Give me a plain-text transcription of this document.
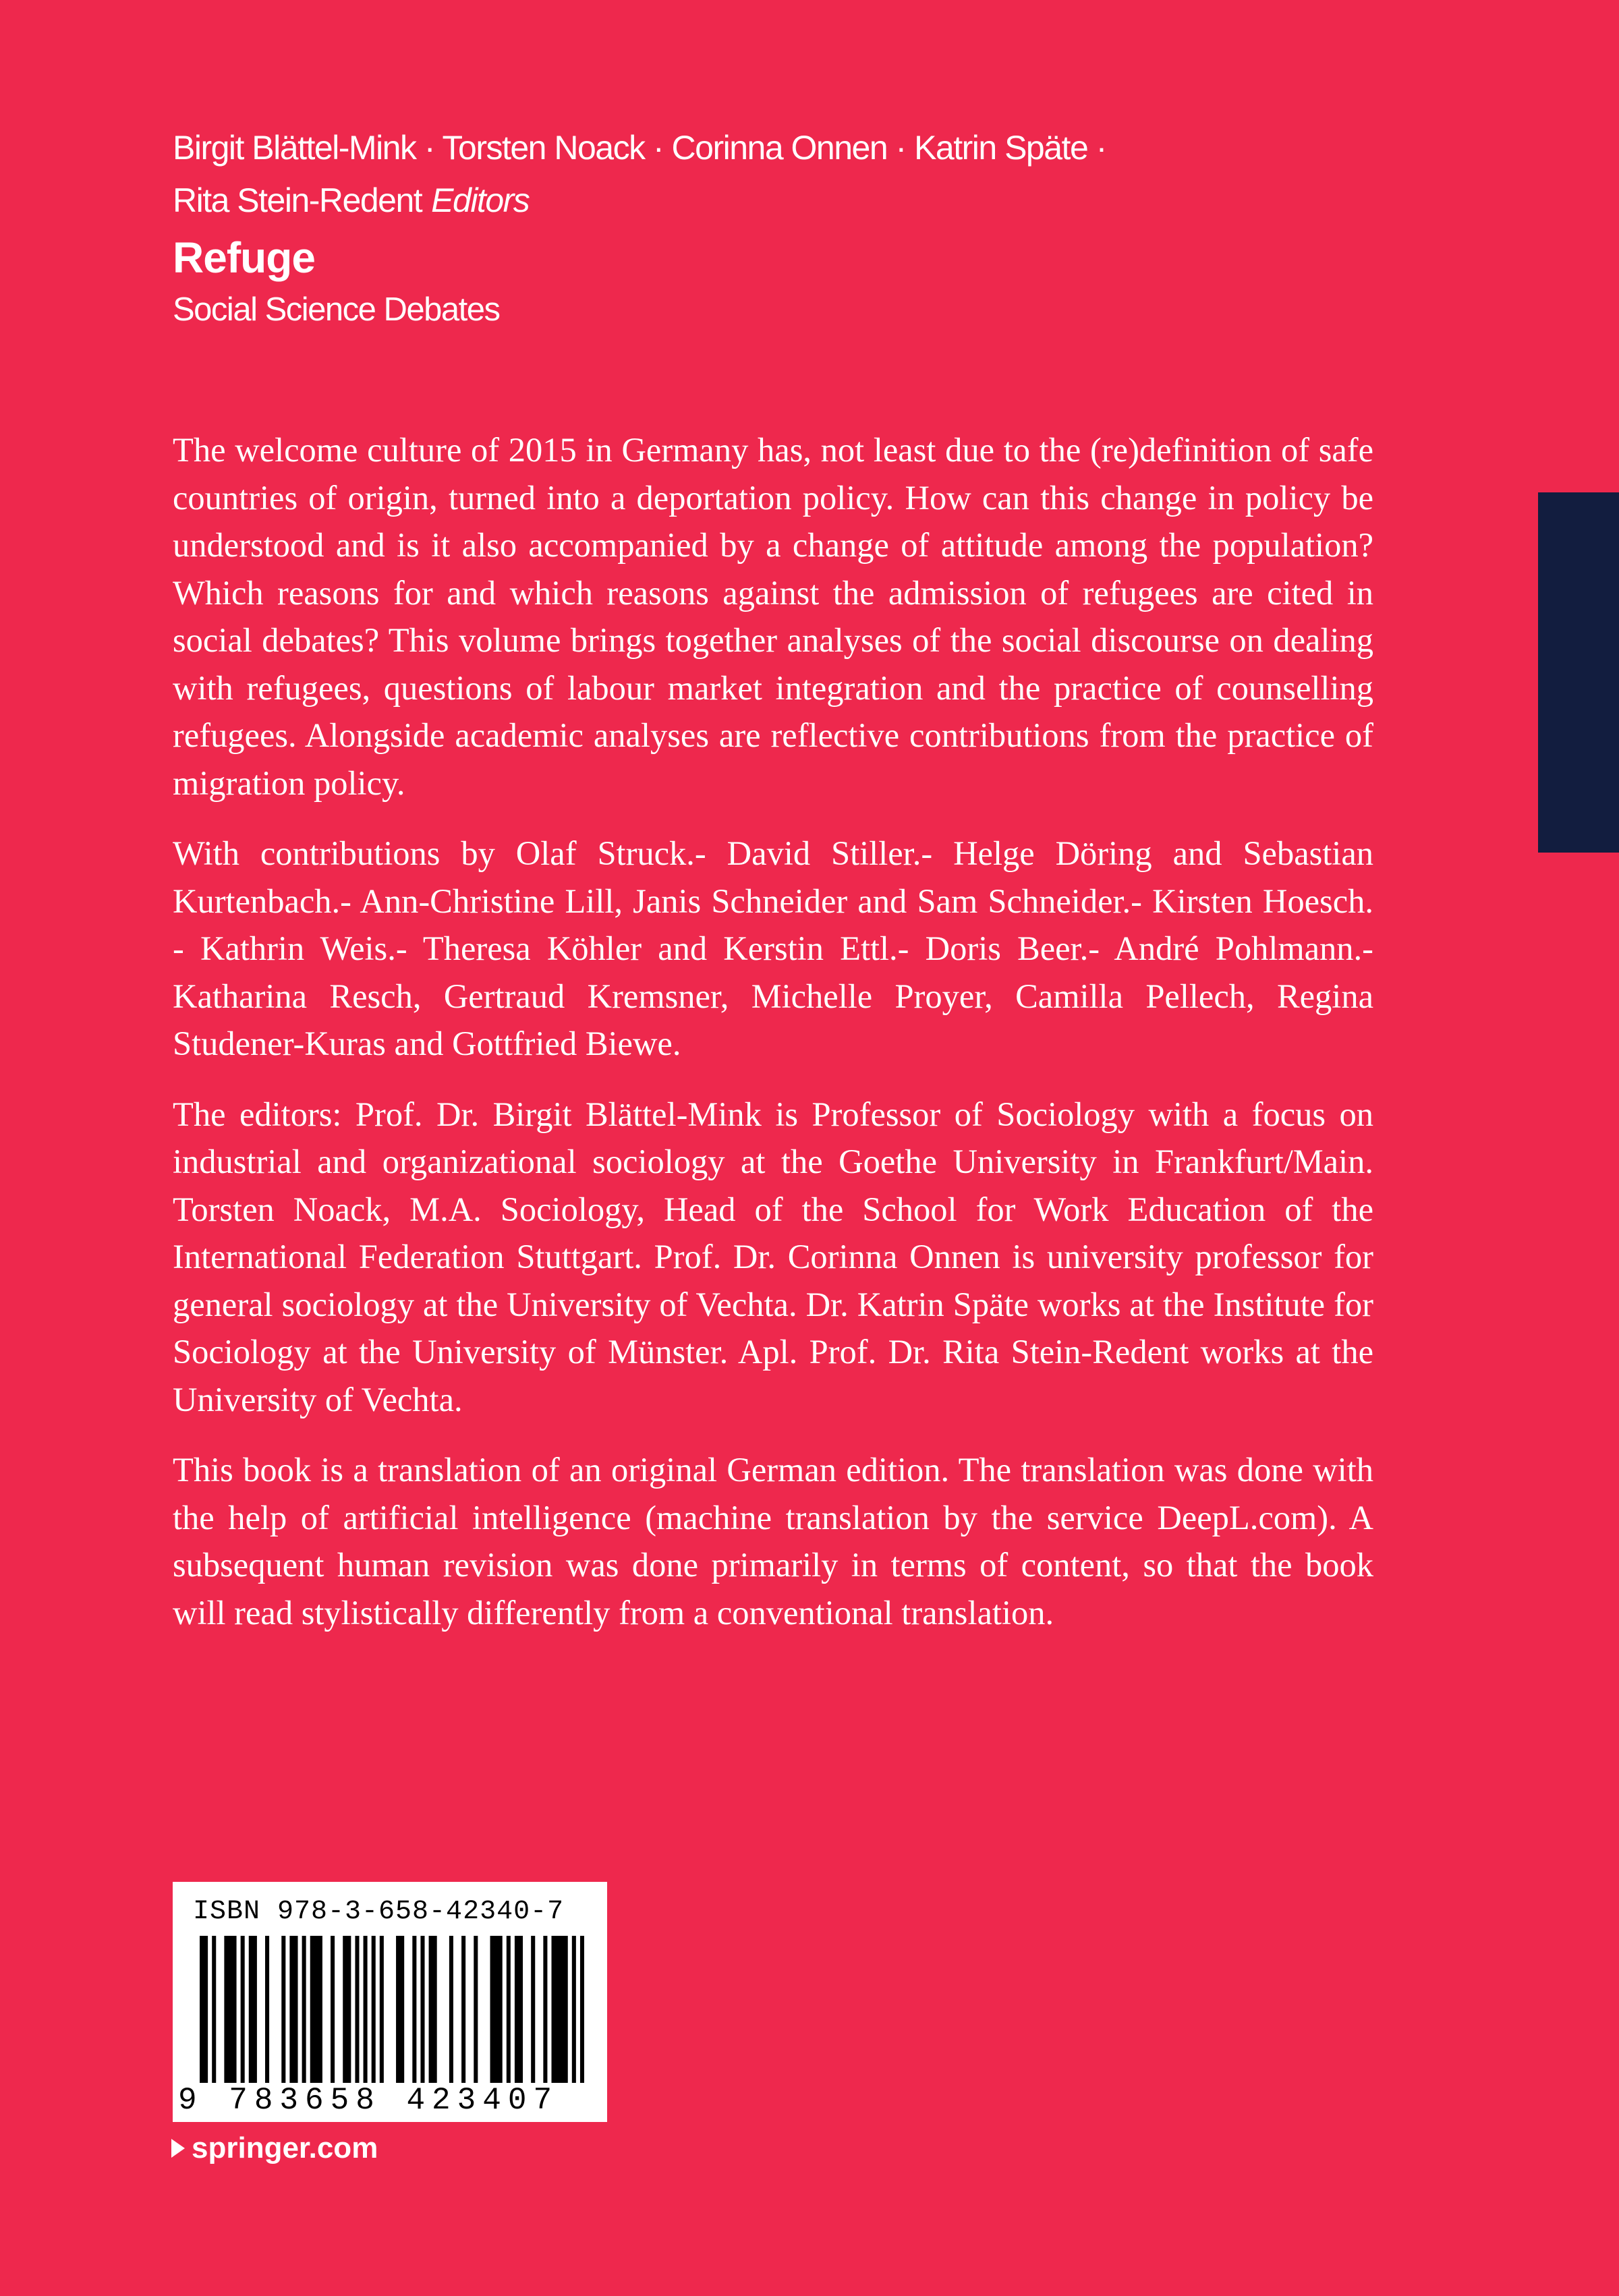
Birgit Blättel-Mink · Torsten Noack · Corinna Onnen · Katrin Späte ·
Rita Stein-Redent Editors
Refuge
Social Science Debates

The welcome culture of 2015 in Germany has, not least due to the (re)definition of safe countries of origin, turned into a deportation policy. How can this change in policy be understood and is it also accompanied by a change of attitude among the population? Which reasons for and which reasons against the admission of refugees are cited in social debates? This volume brings together analyses of the social discourse on dealing with refugees, questions of labour market integration and the practice of counselling refugees. Alongside academic analyses are reflective contributions from the practice of migration policy.

With contributions by Olaf Struck.- David Stiller.- Helge Döring and Sebastian Kurtenbach.- Ann-Christine Lill, Janis Schneider and Sam Schneider.- Kirsten Hoesch. - Kathrin Weis.- Theresa Köhler and Kerstin Ettl.- Doris Beer.- André Pohlmann.- Katharina Resch, Gertraud Kremsner, Michelle Proyer, Camilla Pellech, Regina Studener-Kuras and Gottfried Biewe.

The editors: Prof. Dr. Birgit Blättel-Mink is Professor of Sociology with a focus on industrial and organizational sociology at the Goethe University in Frankfurt/Main. Torsten Noack, M.A. Sociology, Head of the School for Work Education of the International Federation Stuttgart. Prof. Dr. Corinna Onnen is university professor for general sociology at the University of Vechta. Dr. Katrin Späte works at the Institute for Sociology at the University of Münster. Apl. Prof. Dr. Rita Stein-Redent works at the University of Vechta.

This book is a translation of an original German edition. The translation was done with the help of artificial intelligence (machine translation by the service DeepL.com). A subsequent human revision was done primarily in terms of content, so that the book will read stylistically differently from a conventional translation.

ISBN 978-3-658-42340-7
9 783658 423407
springer.com
